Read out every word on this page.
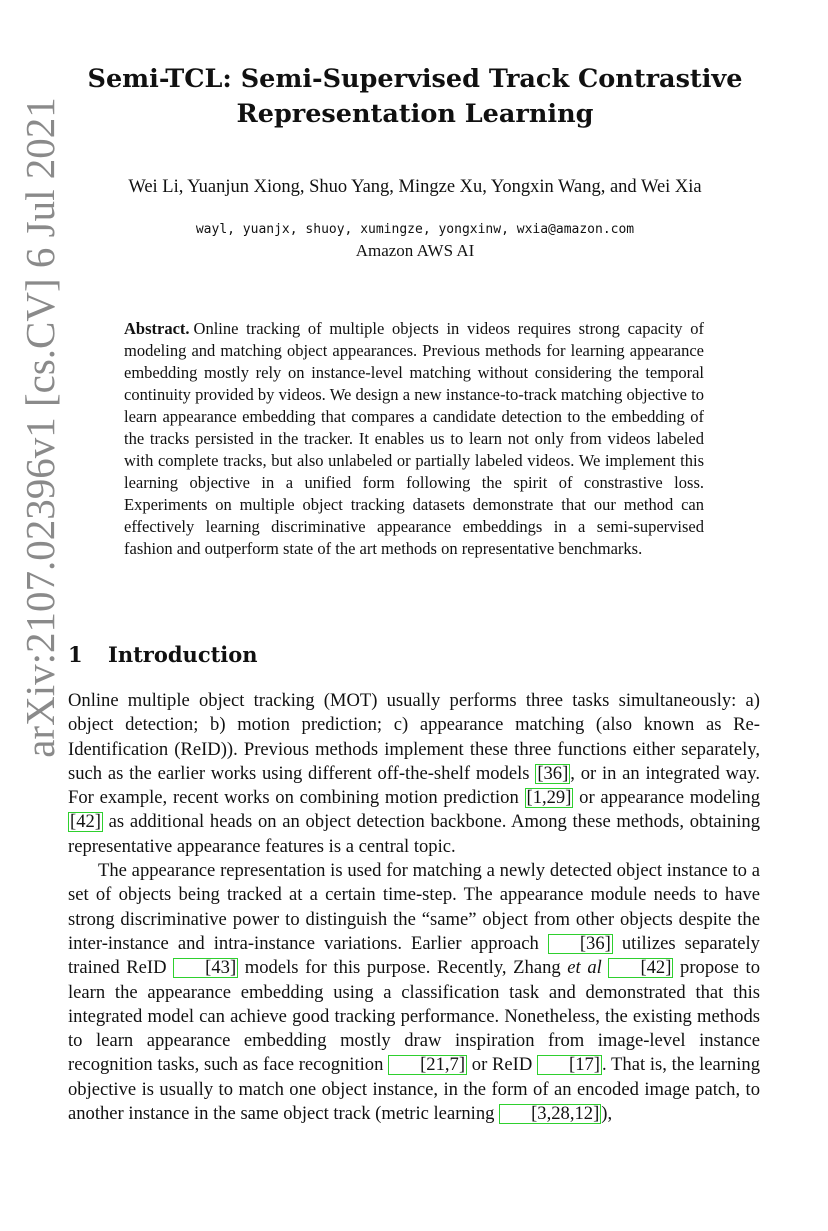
arXiv:2107.02396v1 [cs.CV] 6 Jul 2021
Semi-TCL: Semi-Supervised Track Contrastive
Representation Learning
Wei Li, Yuanjun Xiong, Shuo Yang, Mingze Xu, Yongxin Wang, and Wei Xia
wayl, yuanjx, shuoy, xumingze, yongxinw, wxia@amazon.com
Amazon AWS AI
Abstract. Online tracking of multiple objects in videos requires strong capacity of modeling and matching object appearances. Previous methods for learning appearance embedding mostly rely on instance-level matching without considering the temporal continuity provided by videos. We design a new instance-to-track matching objective to learn appearance embedding that compares a candidate detection to the embedding of the tracks persisted in the tracker. It enables us to learn not only from videos labeled with complete tracks, but also unlabeled or partially labeled videos. We implement this learning objective in a unified form following the spirit of constrastive loss. Experiments on multiple object tracking datasets demonstrate that our method can effectively learning discriminative appearance embeddings in a semi-supervised fashion and outperform state of the art methods on representative benchmarks.
1 Introduction

Online multiple object tracking (MOT) usually performs three tasks simultaneously: a) object detection; b) motion prediction; c) appearance matching (also known as Re-Identification (ReID)). Previous methods implement these three functions either separately, such as the earlier works using different off-the-shelf models [36] , or in an integrated way. For example, recent works on combining motion prediction [1,29] or appearance modeling [42] as additional heads on an object detection backbone. Among these methods, obtaining representative appearance features is a central topic.

The appearance representation is used for matching a newly detected object instance to a set of objects being tracked at a certain time-step. The appearance module needs to have strong discriminative power to distinguish the “same” object from other objects despite the inter-instance and intra-instance variations. Earlier approach [36] utilizes separately trained ReID [43] models for this purpose. Recently, Zhang et al [42] propose to learn the appearance embedding using a classification task and demonstrated that this integrated model can achieve good tracking performance. Nonetheless, the existing methods to learn appearance embedding mostly draw inspiration from image-level instance recognition tasks, such as face recognition [21,7] or ReID [17] . That is, the learning objective is usually to match one object instance, in the form of an encoded image patch, to another instance in the same object track (metric learning [3,28,12] ),
